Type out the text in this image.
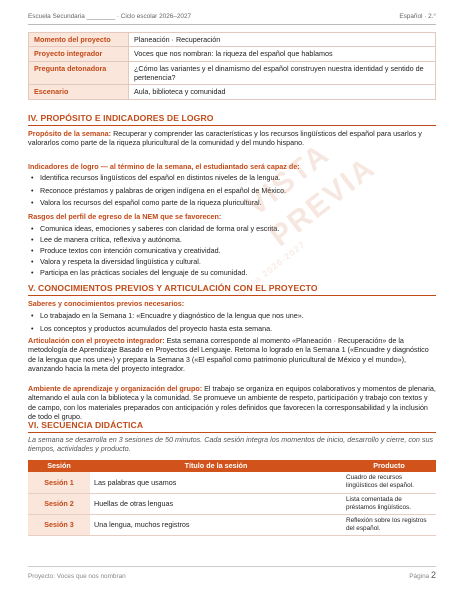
Escuela Secundaria ________ · Ciclo escolar 2026–2027	Español · 2.°
Momento del proyecto	Planeación · Recuperación
Proyecto integrador	Voces que nos nombran: la riqueza del español que hablamos
Pregunta detonadora	¿Cómo las variantes y el dinamismo del español construyen nuestra identidad y sentido de pertenencia?
Escenario	Aula, biblioteca y comunidad
IV. PROPÓSITO E INDICADORES DE LOGRO
Propósito de la semana: Recuperar y comprender las características y los recursos lingüísticos del español para usarlos y valorarlos como parte de la riqueza pluricultural de la comunidad y del mundo hispano.
Indicadores de logro — al término de la semana, el estudiantado será capaz de:
• Identifica recursos lingüísticos del español en distintos niveles de la lengua.
• Reconoce préstamos y palabras de origen indígena en el español de México.
• Valora los recursos del español como parte de la riqueza pluricultural.
Rasgos del perfil de egreso de la NEM que se favorecen:
• Comunica ideas, emociones y saberes con claridad de forma oral y escrita.
• Lee de manera crítica, reflexiva y autónoma.
• Produce textos con intención comunicativa y creatividad.
• Valora y respeta la diversidad lingüística y cultural.
• Participa en las prácticas sociales del lenguaje de su comunidad.
V. CONOCIMIENTOS PREVIOS Y ARTICULACIÓN CON EL PROYECTO
Saberes y conocimientos previos necesarios:
• Lo trabajado en la Semana 1: «Encuadre y diagnóstico de la lengua que nos une».
• Los conceptos y productos acumulados del proyecto hasta esta semana.
Articulación con el proyecto integrador: Esta semana corresponde al momento «Planeación · Recuperación» de la metodología de Aprendizaje Basado en Proyectos del Lenguaje. Retoma lo logrado en la Semana 1 («Encuadre y diagnóstico de la lengua que nos une») y prepara la Semana 3 («El español como patrimonio pluricultural de México y el mundo»), avanzando hacia la meta del proyecto integrador.
Ambiente de aprendizaje y organización del grupo: El trabajo se organiza en equipos colaborativos y momentos de plenaria, alternando el aula con la biblioteca y la comunidad. Se promueve un ambiente de respeto, participación y trabajo con textos y de campo, con los materiales preparados con anticipación y roles definidos que favorecen la corresponsabilidad y la inclusión de todo el grupo.
VI. SECUENCIA DIDÁCTICA
La semana se desarrolla en 3 sesiones de 50 minutos. Cada sesión integra los momentos de inicio, desarrollo y cierre, con sus tiempos, actividades y producto.
Sesión	Título de la sesión	Producto
Sesión 1	Las palabras que usamos	Cuadro de recursos lingüísticos del español.
Sesión 2	Huellas de otras lenguas	Lista comentada de préstamos lingüísticos.
Sesión 3	Una lengua, muchos registros	Reflexión sobre los registros del español.
VISTA PREVIA
Ciclo 2026-2027
Proyecto: Voces que nos nombran	Página 2
